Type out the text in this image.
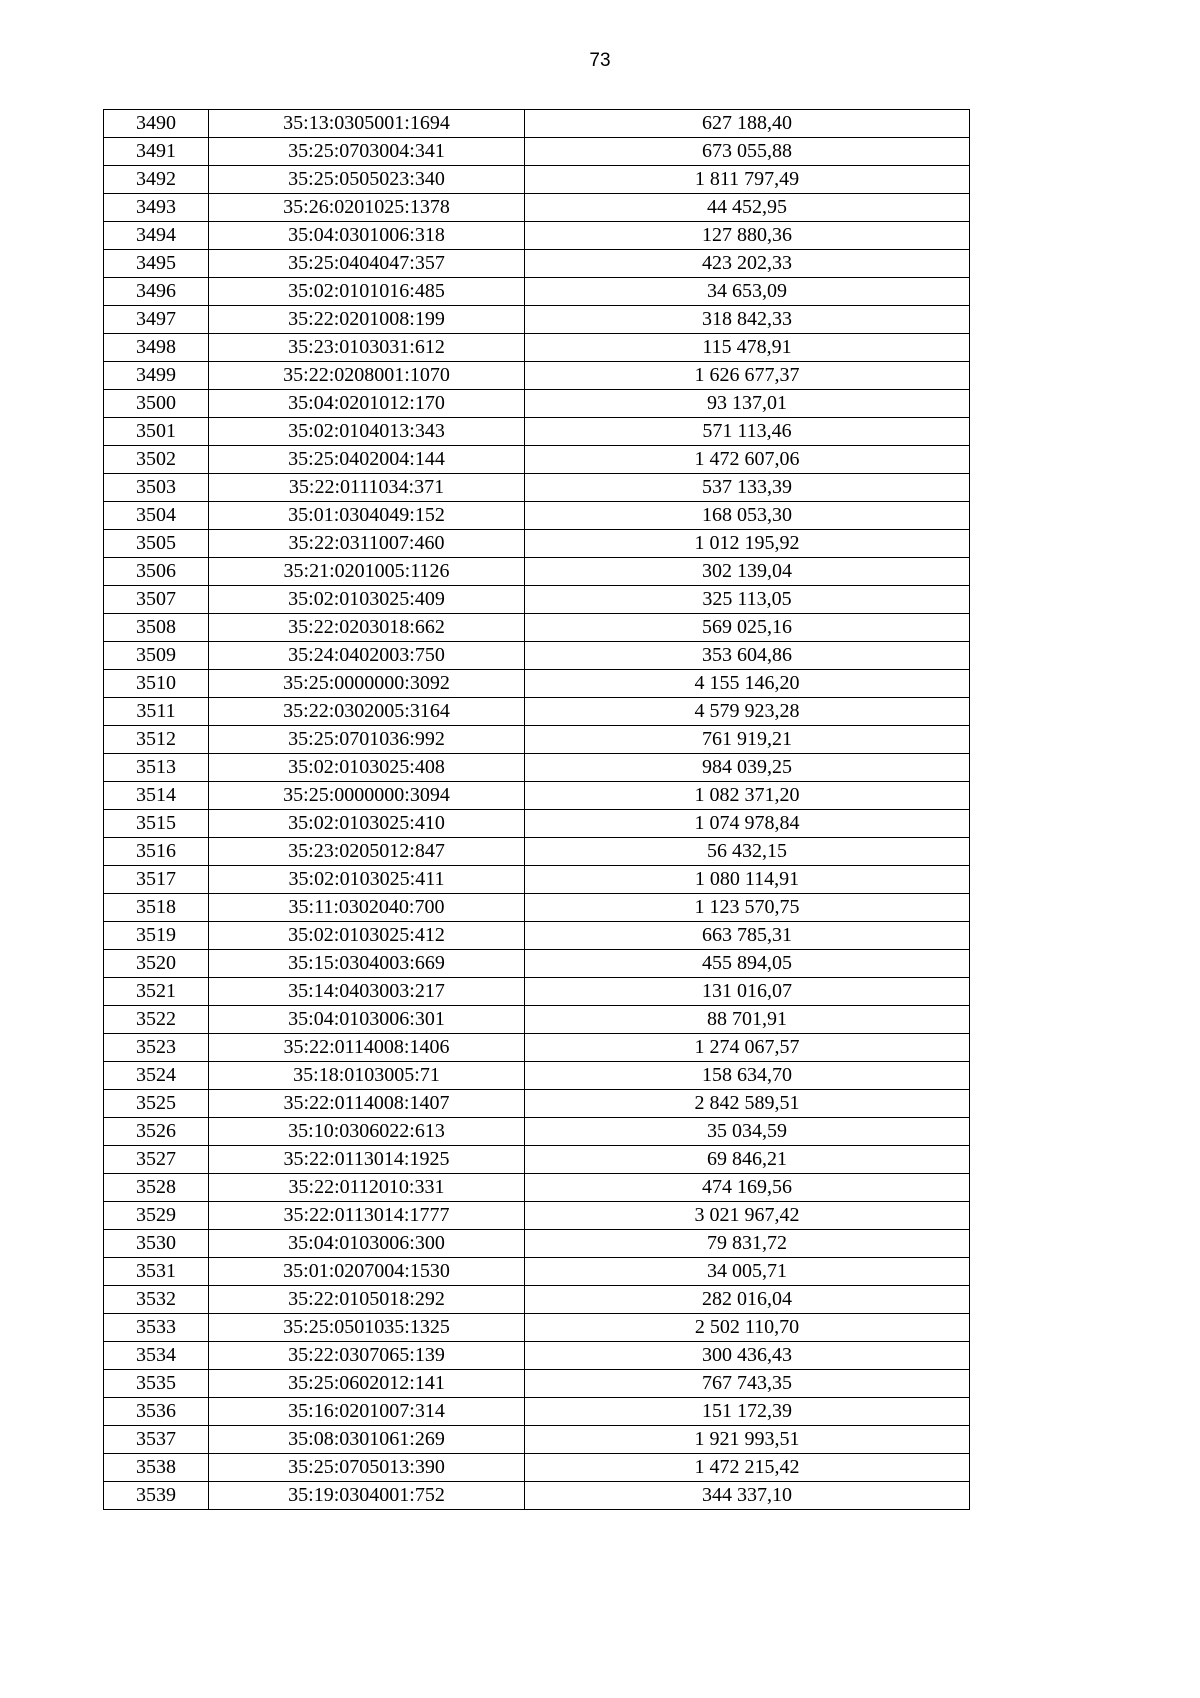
73
3490	35:13:0305001:1694	627 188,40
3491	35:25:0703004:341	673 055,88
3492	35:25:0505023:340	1 811 797,49
3493	35:26:0201025:1378	44 452,95
3494	35:04:0301006:318	127 880,36
3495	35:25:0404047:357	423 202,33
3496	35:02:0101016:485	34 653,09
3497	35:22:0201008:199	318 842,33
3498	35:23:0103031:612	115 478,91
3499	35:22:0208001:1070	1 626 677,37
3500	35:04:0201012:170	93 137,01
3501	35:02:0104013:343	571 113,46
3502	35:25:0402004:144	1 472 607,06
3503	35:22:0111034:371	537 133,39
3504	35:01:0304049:152	168 053,30
3505	35:22:0311007:460	1 012 195,92
3506	35:21:0201005:1126	302 139,04
3507	35:02:0103025:409	325 113,05
3508	35:22:0203018:662	569 025,16
3509	35:24:0402003:750	353 604,86
3510	35:25:0000000:3092	4 155 146,20
3511	35:22:0302005:3164	4 579 923,28
3512	35:25:0701036:992	761 919,21
3513	35:02:0103025:408	984 039,25
3514	35:25:0000000:3094	1 082 371,20
3515	35:02:0103025:410	1 074 978,84
3516	35:23:0205012:847	56 432,15
3517	35:02:0103025:411	1 080 114,91
3518	35:11:0302040:700	1 123 570,75
3519	35:02:0103025:412	663 785,31
3520	35:15:0304003:669	455 894,05
3521	35:14:0403003:217	131 016,07
3522	35:04:0103006:301	88 701,91
3523	35:22:0114008:1406	1 274 067,57
3524	35:18:0103005:71	158 634,70
3525	35:22:0114008:1407	2 842 589,51
3526	35:10:0306022:613	35 034,59
3527	35:22:0113014:1925	69 846,21
3528	35:22:0112010:331	474 169,56
3529	35:22:0113014:1777	3 021 967,42
3530	35:04:0103006:300	79 831,72
3531	35:01:0207004:1530	34 005,71
3532	35:22:0105018:292	282 016,04
3533	35:25:0501035:1325	2 502 110,70
3534	35:22:0307065:139	300 436,43
3535	35:25:0602012:141	767 743,35
3536	35:16:0201007:314	151 172,39
3537	35:08:0301061:269	1 921 993,51
3538	35:25:0705013:390	1 472 215,42
3539	35:19:0304001:752	344 337,10
